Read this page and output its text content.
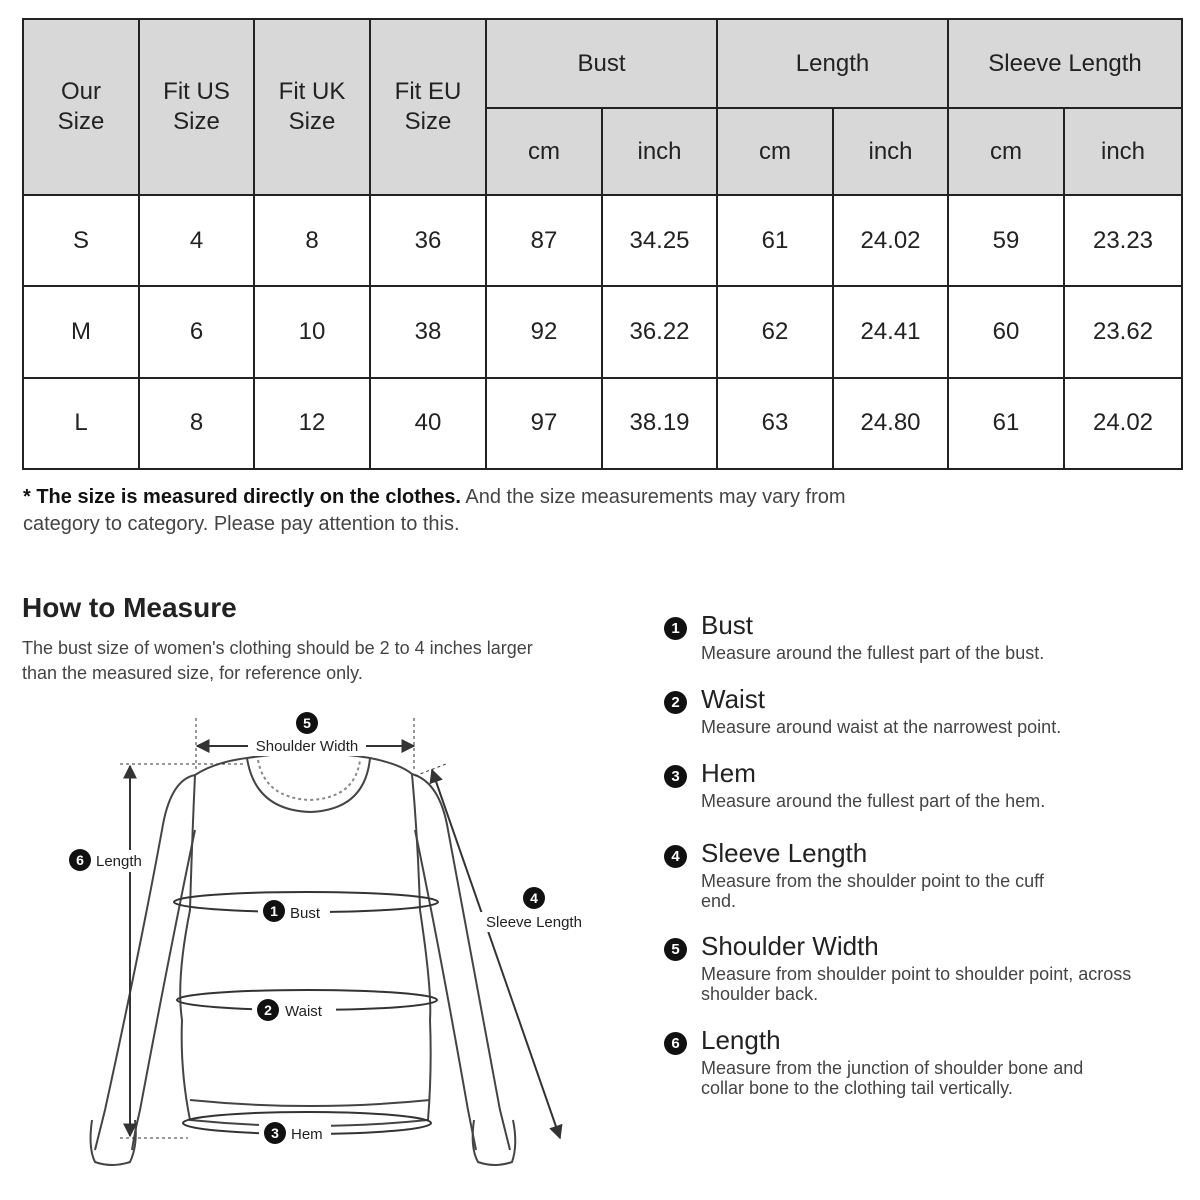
Our Size	Fit US Size	Fit UK Size	Fit EU Size	Bust		Length		Sleeve Length	
				cm	inch	cm	inch	cm	inch
S	4	8	36	87	34.25	61	24.02	59	23.23
M	6	10	38	92	36.22	62	24.41	60	23.62
L	8	12	40	97	38.19	63	24.80	61	24.02
* The size is measured directly on the clothes. And the size measurements may vary from category to category. Please pay attention to this.
How to Measure
The bust size of women's clothing should be 2 to 4 inches larger than the measured size, for reference only.
5
Shoulder Width
6 Length
1 Bust
4
Sleeve Length
2 Waist
3 Hem
1 Bust
Measure around the fullest part of the bust.
2 Waist
Measure around waist at the narrowest point.
3 Hem
Measure around the fullest part of the hem.
4 Sleeve Length
Measure from the shoulder point to the cuff end.
5 Shoulder Width
Measure from shoulder point to shoulder point, across shoulder back.
6 Length
Measure from the junction of shoulder bone and collar bone to the clothing tail vertically.
